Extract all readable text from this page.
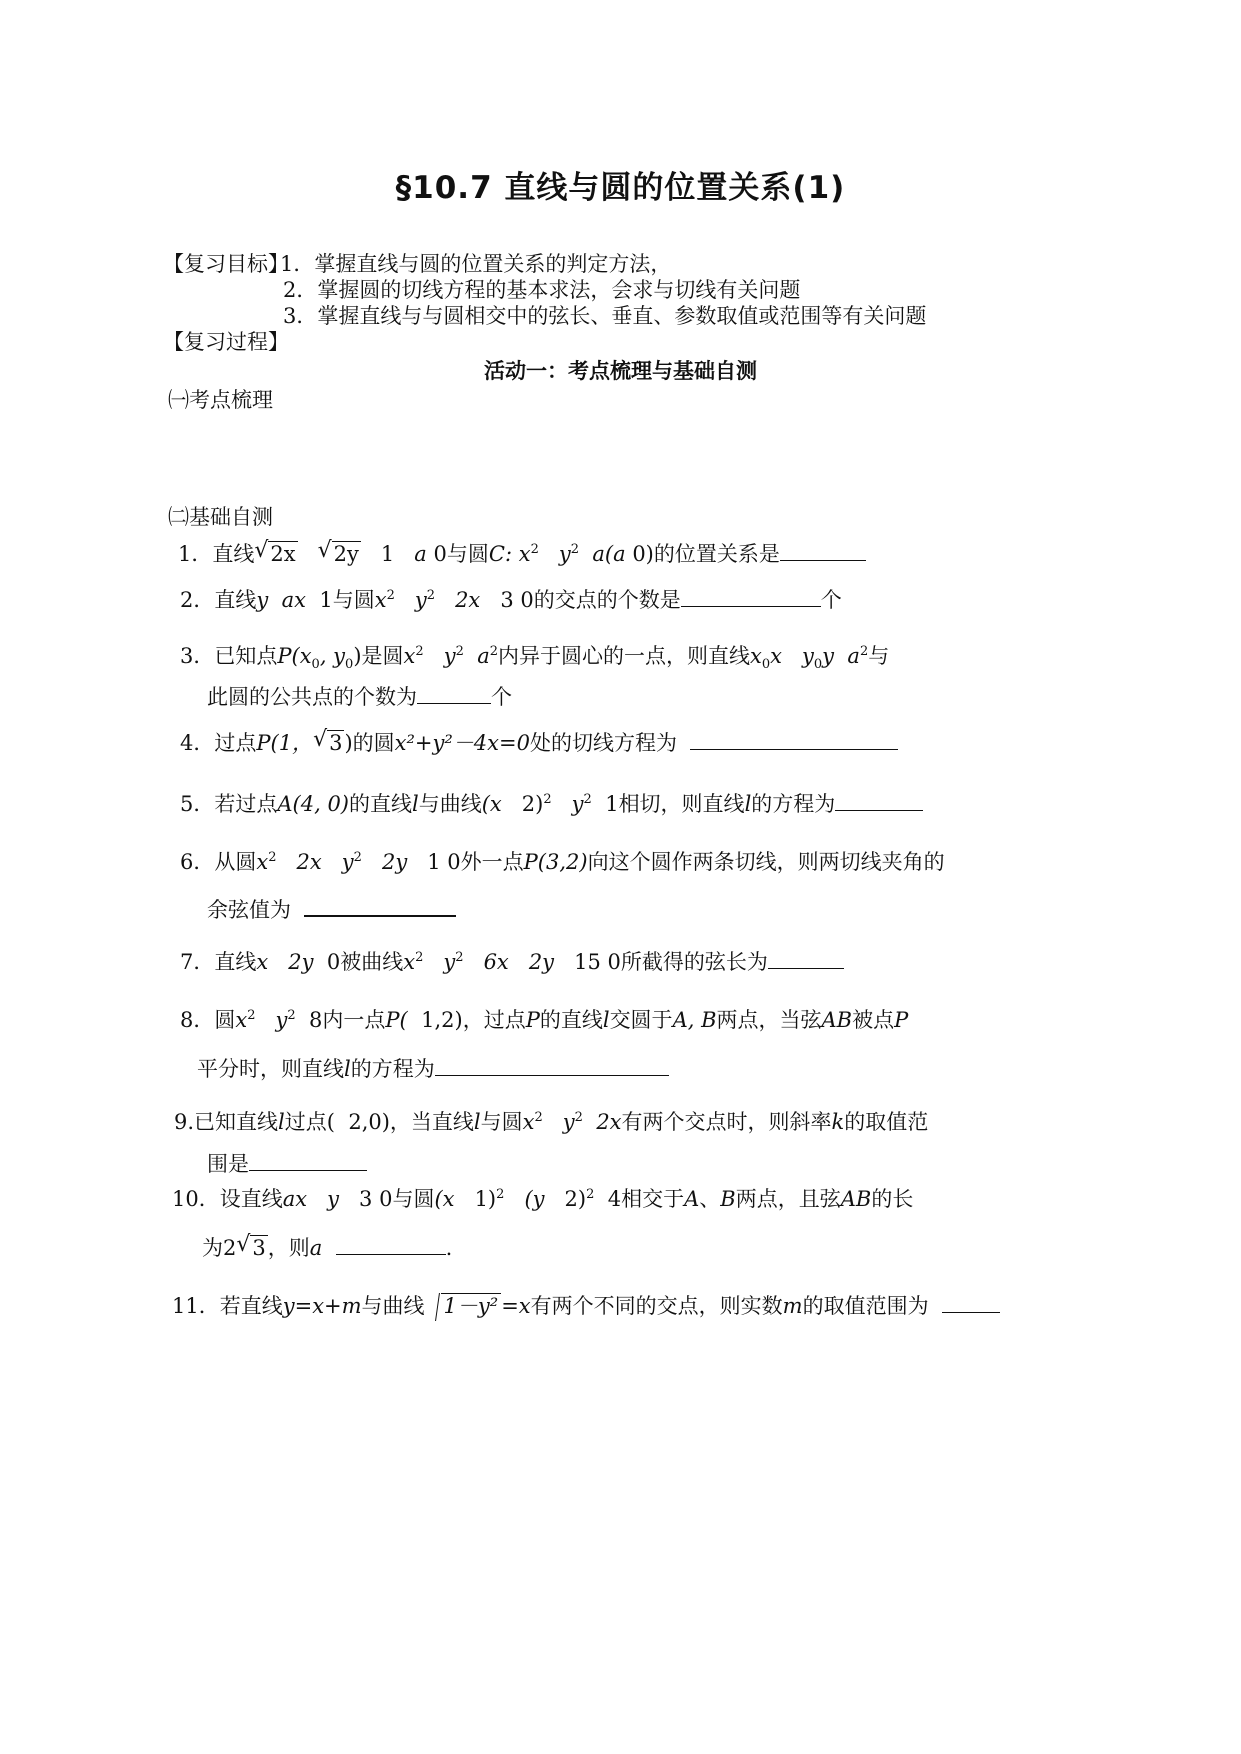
§10.7 直线与圆的位置关系(1)
【复习目标】
1．掌握直线与圆的位置关系的判定方法，
2．掌握圆的切线方程的基本求法，会求与切线有关问题
3．掌握直线与与圆相交中的弦长、垂直、参数取值或范围等有关问题
【复习过程】
活动一：考点梳理与基础自测
㈠考点梳理
㈡基础自测
1．直线 √ 2x √ 2y 1 a 0与圆C: $x^2$ $y^2$ a(a 0)的位置关系是
2．直线y ax 1与圆$x^2$ $y^2$ 2x 3 0的交点的个数是	个
3．已知点$P(x_0$, $y_0$)是圆$x^2$ $y^2$ $a^2$内异于圆心的一点，则直线$x_0x$ $y_0y$ $a^2$与
此圆的公共点的个数为	个
4．过点P(1， √ 3)的圆x²+y²－4x=0处的切线方程为
5．若过点A(4, 0)的直线l与曲线(x 2)$^2$ $y^2$ 1相切，则直线l的方程为
6．从圆$x^2$ 2x $y^2$ 2y 1 0外一点P(3,2)向这个圆作两条切线，则两切线夹角的
余弦值为
7．直线x 2y 0被曲线$x^2$ $y^2$ 6x 2y 15 0所截得的弦长为
8．圆$x^2$ $y^2$ 8内一点P( 1,2)，过点P的直线l交圆于A, B两点，当弦AB被点P
平分时，则直线l的方程为
9.已知直线l过点( 2,0)，当直线l与圆$x^2$ $y^2$ 2x有两个交点时，则斜率k的取值范
围是
10．设直线ax y 3 0与圆(x 1)$^2$ (y 2)$^2$ 4相交于A、B两点，且弦AB的长
为2 √ 3，则a	.
11．若直线y=x+m与曲线 1－y² =x有两个不同的交点，则实数m的取值范围为
